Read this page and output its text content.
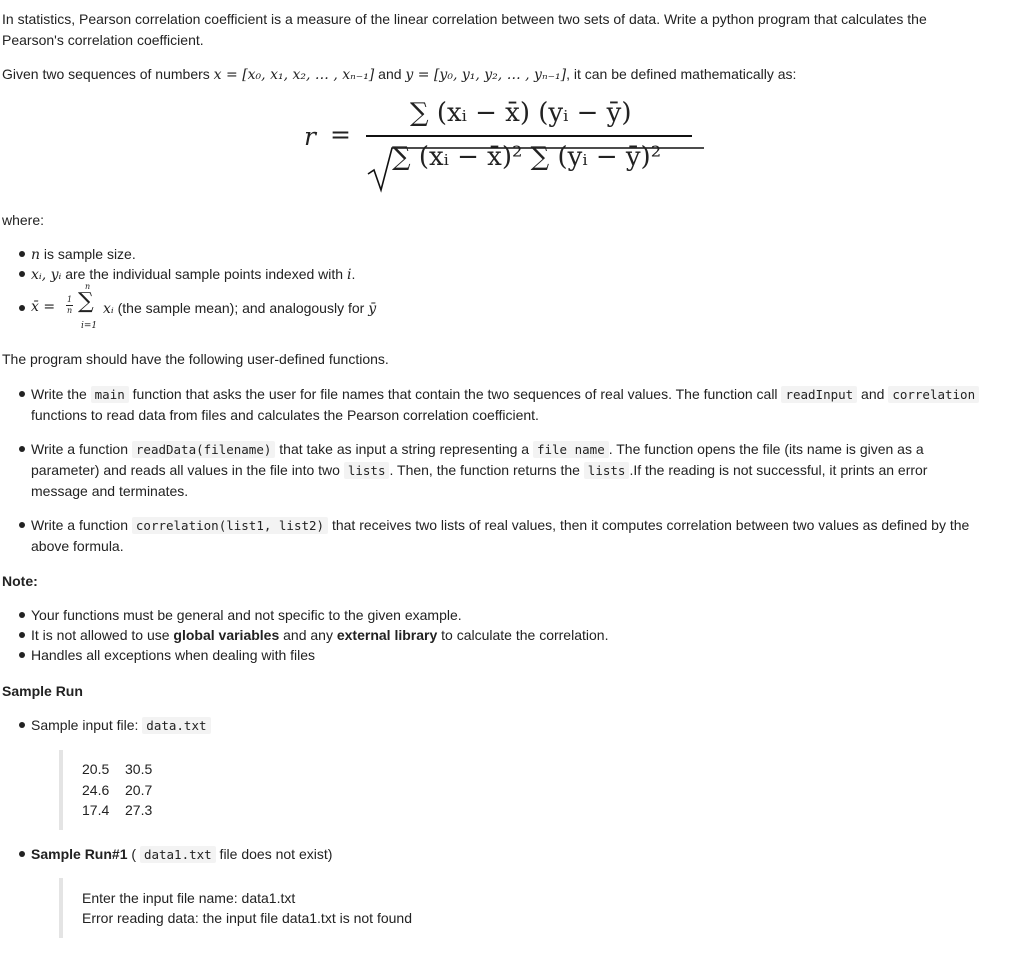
In statistics, Pearson correlation coefficient is a measure of the linear correlation between two sets of data. Write a python program that calculates the
Pearson's correlation coefficient.
Given two sequences of numbers x = [x₀, x₁, x₂, … , xₙ₋₁] and y = [y₀, y₁, y₂, … , yₙ₋₁], it can be defined mathematically as:
r =
∑ (xᵢ − x̄) (yᵢ − ȳ)
∑ (xᵢ − x̄)² ∑ (yᵢ − ȳ)²
where:
n is sample size.
xᵢ, yᵢ are the individual sample points indexed with i.
x̄ = 1
n
n
∑
i=1
xᵢ (the sample mean); and analogously for ȳ
The program should have the following user-defined functions.
Write the main function that asks the user for file names that contain the two sequences of real values. The function call readInput and correlation
functions to read data from files and calculates the Pearson correlation coefficient.
Write a function readData(filename) that take as input a string representing a file name . The function opens the file (its name is given as a
parameter) and reads all values in the file into two lists . Then, the function returns the lists .If the reading is not successful, it prints an error
message and terminates.
Write a function correlation(list1, list2) that receives two lists of real values, then it computes correlation between two values as defined by the
above formula.
Note:
Your functions must be general and not specific to the given example.
It is not allowed to use global variables and any external library to calculate the correlation.
Handles all exceptions when dealing with files
Sample Run
Sample input file: data.txt
20.5 30.5
24.6 20.7
17.4 27.3
Sample Run#1 ( data1.txt file does not exist)
Enter the input file name: data1.txt
Error reading data: the input file data1.txt is not found
